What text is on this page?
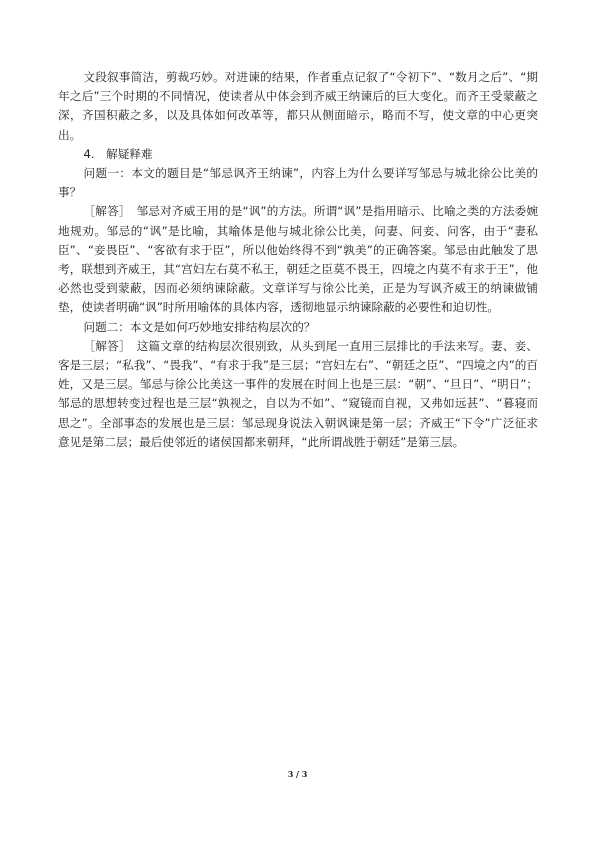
文段叙事简洁，剪裁巧妙。对进谏的结果，作者重点记叙了“令初下”、“数月之后”、“期年之后”三个时期的不同情况，使读者从中体会到齐威王纳谏后的巨大变化。而齐王受蒙蔽之深，齐国积蔽之多，以及具体如何改革等，都只从侧面暗示，略而不写，使文章的中心更突出。

4.　解疑释难

问题一：本文的题目是“邹忌讽齐王纳谏”，内容上为什么要详写邹忌与城北徐公比美的事？

［解答］　邹忌对齐威王用的是“讽”的方法。所谓“讽”是指用暗示、比喻之类的方法委婉地规劝。邹忌的“讽”是比喻，其喻体是他与城北徐公比美，问妻、问妾、问客，由于“妻私臣”、“妾畏臣”、“客欲有求于臣”，所以他始终得不到“孰美”的正确答案。邹忌由此触发了思考，联想到齐威王，其“宫妇左右莫不私王，朝廷之臣莫不畏王，四境之内莫不有求于王”，他必然也受到蒙蔽，因而必须纳谏除蔽。文章详写与徐公比美，正是为写讽齐威王的纳谏做铺垫，使读者明确“讽”时所用喻体的具体内容，透彻地显示纳谏除蔽的必要性和迫切性。

问题二：本文是如何巧妙地安排结构层次的？

［解答］　这篇文章的结构层次很别致，从头到尾一直用三层排比的手法来写。妻、妾、客是三层；“私我”、“畏我”、“有求于我”是三层；“宫妇左右”、“朝廷之臣”、“四境之内”的百姓，又是三层。邹忌与徐公比美这一事件的发展在时间上也是三层：“朝”、“旦日”、“明日”；邹忌的思想转变过程也是三层“孰视之，自以为不如”、“窥镜而自视，又弗如远甚”、“暮寝而思之”。全部事态的发展也是三层：邹忌现身说法入朝讽谏是第一层；齐威王“下令”广泛征求意见是第二层；最后使邻近的诸侯国都来朝拜，“此所谓战胜于朝廷”是第三层。

3 / 3
